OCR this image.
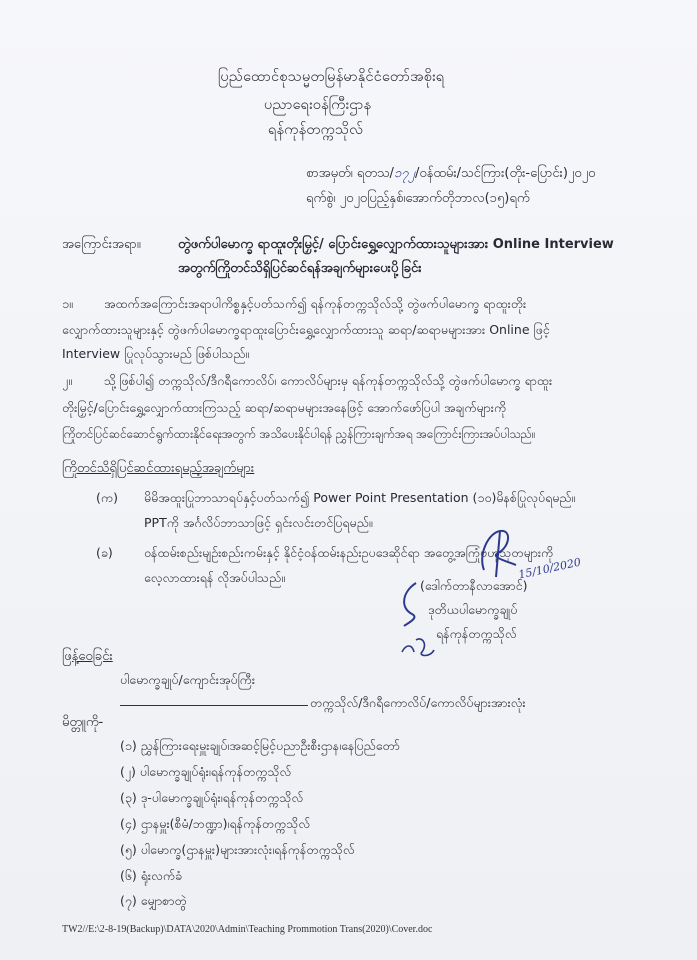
ပြည်ထောင်စုသမ္မတမြန်မာနိုင်ငံတော်အစိုးရ
ပညာရေးဝန်ကြီးဌာန
ရန်ကုန်တက္ကသိုလ်
စာအမှတ်၊ ရတသ/၁၇၂/ဝန်ထမ်း/သင်ကြား(တိုး-ပြောင်း)၂၀၂၀
ရက်စွဲ၊ ၂၀၂၀ပြည့်နှစ်၊အောက်တိုဘာလ(၁၅)ရက်
အကြောင်းအရာ။	တွဲဖက်ပါမောက္ခ ရာထူးတိုးမြှင့်/ ပြောင်းရွှေ့လျှောက်ထားသူများအား Online Interview
အတွက်ကြိုတင်သိရှိပြင်ဆင်ရန်အချက်များပေးပို့ခြင်း
၁။ အထက်အကြောင်းအရာပါကိစ္စနှင့်ပတ်သက်၍ ရန်ကုန်တက္ကသိုလ်သို့ တွဲဖက်ပါမောက္ခ ရာထူးတိုး
လျှောက်ထားသူများနှင့် တွဲဖက်ပါမောက္ခရာထူးပြောင်းရွှေ့လျှောက်ထားသူ ဆရာ/ဆရာမများအား Online ဖြင့်
Interview ပြုလုပ်သွားမည် ဖြစ်ပါသည်။
၂။	သို့ဖြစ်ပါ၍ တက္ကသိုလ်/ဒီဂရီကောလိပ်၊ ကောလိပ်များမှ ရန်ကုန်တက္ကသိုလ်သို့ တွဲဖက်ပါမောက္ခ ရာထူး
တိုးမြှင့်/ပြောင်းရွှေ့လျှောက်ထားကြသည့် ဆရာ/ဆရာမများအနေဖြင့် အောက်ဖော်ပြပါ အချက်များကို
ကြိုတင်ပြင်ဆင်ဆောင်ရွက်ထားနိုင်ရေးအတွက် အသိပေးနိုင်ပါရန် ညွှန်ကြားချက်အရ အကြောင်းကြားအပ်ပါသည်။
ကြိုတင်သိရှိပြင်ဆင်ထားရမည့်အချက်များ
(က) မိမိအထူးပြုဘာသာရပ်နှင့်ပတ်သက်၍ Power Point Presentation (၁၀)မိနစ်ပြုလုပ်ရမည်။
PPTကို အင်္ဂလိပ်ဘာသာဖြင့် ရှင်းလင်းတင်ပြရမည်။
(ခ) ဝန်ထမ်းစည်းမျဉ်းစည်းကမ်းနှင့် နိုင်ငံ့ဝန်ထမ်းနည်းဥပဒေဆိုင်ရာ အတွေ့အကြုံဗဟုသုတများကို
လေ့လာထားရန် လိုအပ်ပါသည်။	15/10/2020
(ဒေါက်တာနီလာအောင်)
ဒုတိယပါမောက္ခချုပ်
ရန်ကုန်တက္ကသိုလ်
ဖြန့်ဝေခြင်း
ပါမောက္ခချုပ်/ကျောင်းအုပ်ကြီး
တက္ကသိုလ်/ဒီဂရီကောလိပ်/ကောလိပ်များအားလုံး
မိတ္တူကို-
(၁) ညွှန်ကြားရေးမှူးချုပ်၊အဆင့်မြင့်ပညာဦးစီးဌာန၊နေပြည်တော်
(၂) ပါမောက္ခချုပ်ရုံး၊ရန်ကုန်တက္ကသိုလ်
(၃) ဒု-ပါမောက္ခချုပ်ရုံး၊ရန်ကုန်တက္ကသိုလ်
(၄) ဌာနမှူး(စီမံ/ဘဏ္ဍာ)၊ရန်ကုန်တက္ကသိုလ်
(၅) ပါမောက္ခ(ဌာနမှူး)များအားလုံး၊ရန်ကုန်တက္ကသိုလ်
(၆) ရုံးလက်ခံ
(၇) မျှောစာတွဲ
TW2//E:\2-8-19(Backup)\DATA\2020\Admin\Teaching Prommotion Trans(2020)\Cover.doc
